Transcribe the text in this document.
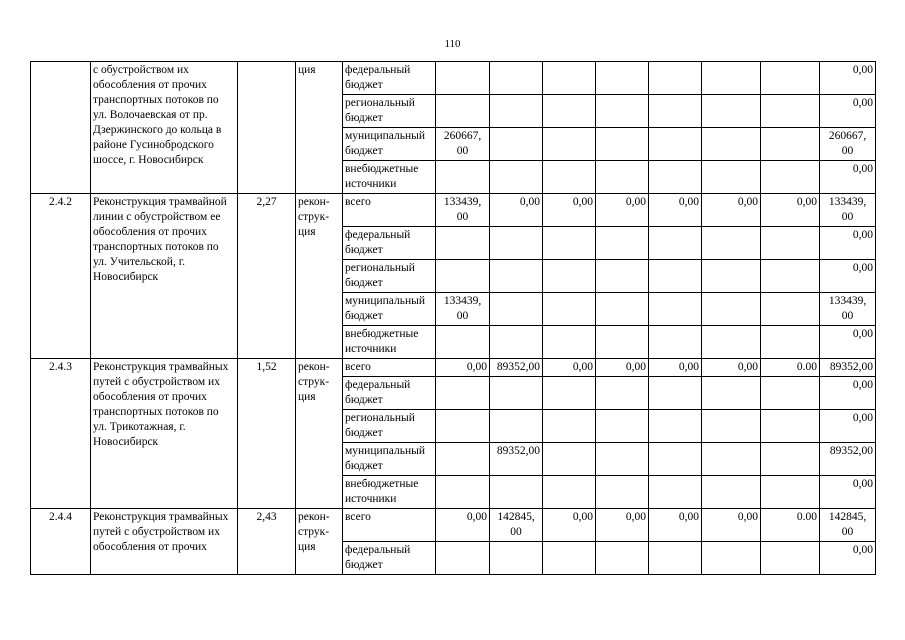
110
	с обустройством их обособления от прочих транспортных потоков по ул. Волочаевская от пр. Дзержинского до кольца в районе Гусинобродского шоссе, г. Новосибирск		ция	федеральный бюджет								0,00
				региональный бюджет								0,00
				муниципальный бюджет	260667, 00							260667, 00
				внебюджетные источники								0,00
2.4.2	Реконструкция трамвайной линии с обустройством ее обособления от прочих транспортных потоков по ул. Учительской, г. Новосибирск	2,27	рекон- струк- ция	всего	133439, 00	0,00	0,00	0,00	0,00	0,00	0,00	133439, 00
				федеральный бюджет								0,00
				региональный бюджет								0,00
				муниципальный бюджет	133439, 00							133439, 00
				внебюджетные источники								0,00
2.4.3	Реконструкция трамвайных путей с обустройством их обособления от прочих транспортных потоков по ул. Трикотажная, г. Новосибирск	1,52	рекон- струк- ция	всего	0,00	89352,00	0,00	0,00	0,00	0,00	0.00	89352,00
				федеральный бюджет								0,00
				региональный бюджет								0,00
				муниципальный бюджет		89352,00						89352,00
				внебюджетные источники								0,00
2.4.4	Реконструкция трамвайных путей с обустройством их обособления от прочих	2,43	рекон- струк- ция	всего	0,00	142845, 00	0,00	0,00	0,00	0,00	0.00	142845, 00
				федеральный бюджет								0,00
